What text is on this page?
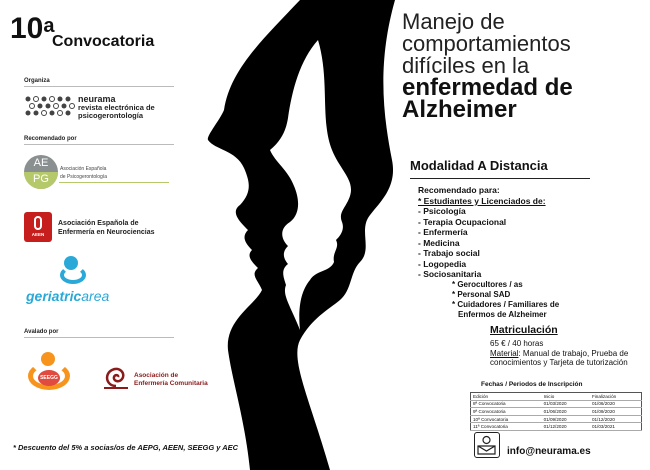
10$^a$
Convocatoria
Organiza
neurama
revista electrónica de
psicogerontología
Recomendado por
AE
PG
Asociación Española
de Psicogerontología
AEEN
Asociación Española de
Enfermería en Neurociencias
geriatricarea
Avalado por
SEEGG	Asociación de
Enfermería Comunitaria
* Descuento del 5% a socias/os de AEPG, AEEN, SEEGG y AEC
Manejo de
comportamientos
difíciles en la
enfermedad de
Alzheimer
Modalidad A Distancia
Recomendado para:
* Estudiantes y Licenciados de:
- Psicología
- Terapia Ocupacional
- Enfermería
- Medicina
- Trabajo social
- Logopedia
- Sociosanitaria
* Gerocultores / as
* Personal SAD
* Cuidadores / Familiares de
Enfermos de Alzheimer
Matriculación
65 € / 40 horas
Material: Manual de trabajo, Prueba de conocimientos y Tarjeta de tutorización
Fechas / Periodos de Inscripción
Edición	Inicio	Finalización
8ª Convocatoria	01/03/2020	01/06/2020
9ª Convocatoria	01/06/2020	01/09/2020
10ª Convocatoria	01/09/2020	01/12/2020
11ª Convocatoria	01/12/2020	01/03/2021
info@neurama.es
